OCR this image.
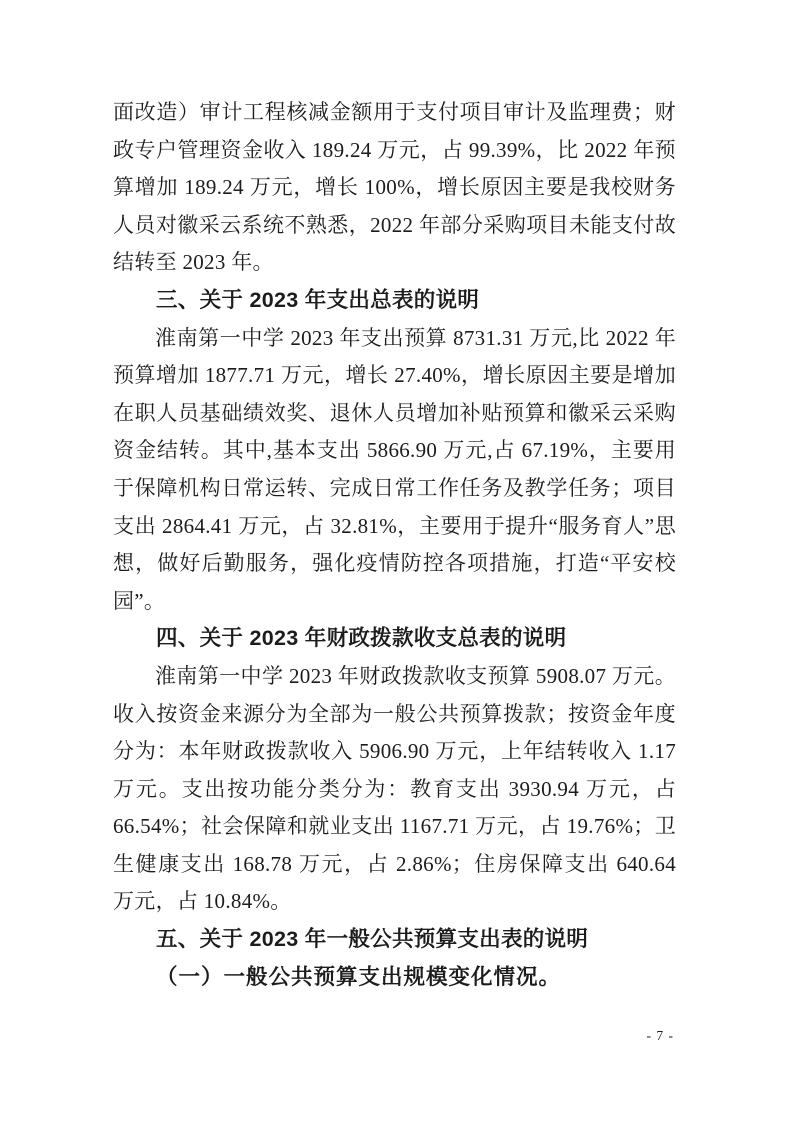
面改造）审计工程核减金额用于支付项目审计及监理费；财政专户管理资金收入 189.24 万元，占 99.39%，比 2022 年预算增加 189.24 万元，增长 100%，增长原因主要是我校财务人员对徽采云系统不熟悉，2022 年部分采购项目未能支付故结转至 2023 年。

三、关于 2023 年支出总表的说明

淮南第一中学 2023 年支出预算 8731.31 万元,比 2022 年预算增加 1877.71 万元，增长 27.40%，增长原因主要是增加在职人员基础绩效奖、退休人员增加补贴预算和徽采云采购资金结转。其中,基本支出 5866.90 万元,占 67.19%，主要用于保障机构日常运转、完成日常工作任务及教学任务；项目支出 2864.41 万元，占 32.81%，主要用于提升“服务育人”思想，做好后勤服务，强化疫情防控各项措施，打造“平安校园”。

四、关于 2023 年财政拨款收支总表的说明

淮南第一中学 2023 年财政拨款收支预算 5908.07 万元。收入按资金来源分为全部为一般公共预算拨款；按资金年度分为：本年财政拨款收入 5906.90 万元，上年结转收入 1.17 万元。支出按功能分类分为：教育支出 3930.94 万元，占 66.54%；社会保障和就业支出 1167.71 万元，占 19.76%；卫生健康支出 168.78 万元，占 2.86%；住房保障支出 640.64 万元，占 10.84%。

五、关于 2023 年一般公共预算支出表的说明
（一）一般公共预算支出规模变化情况。
- 7 -
